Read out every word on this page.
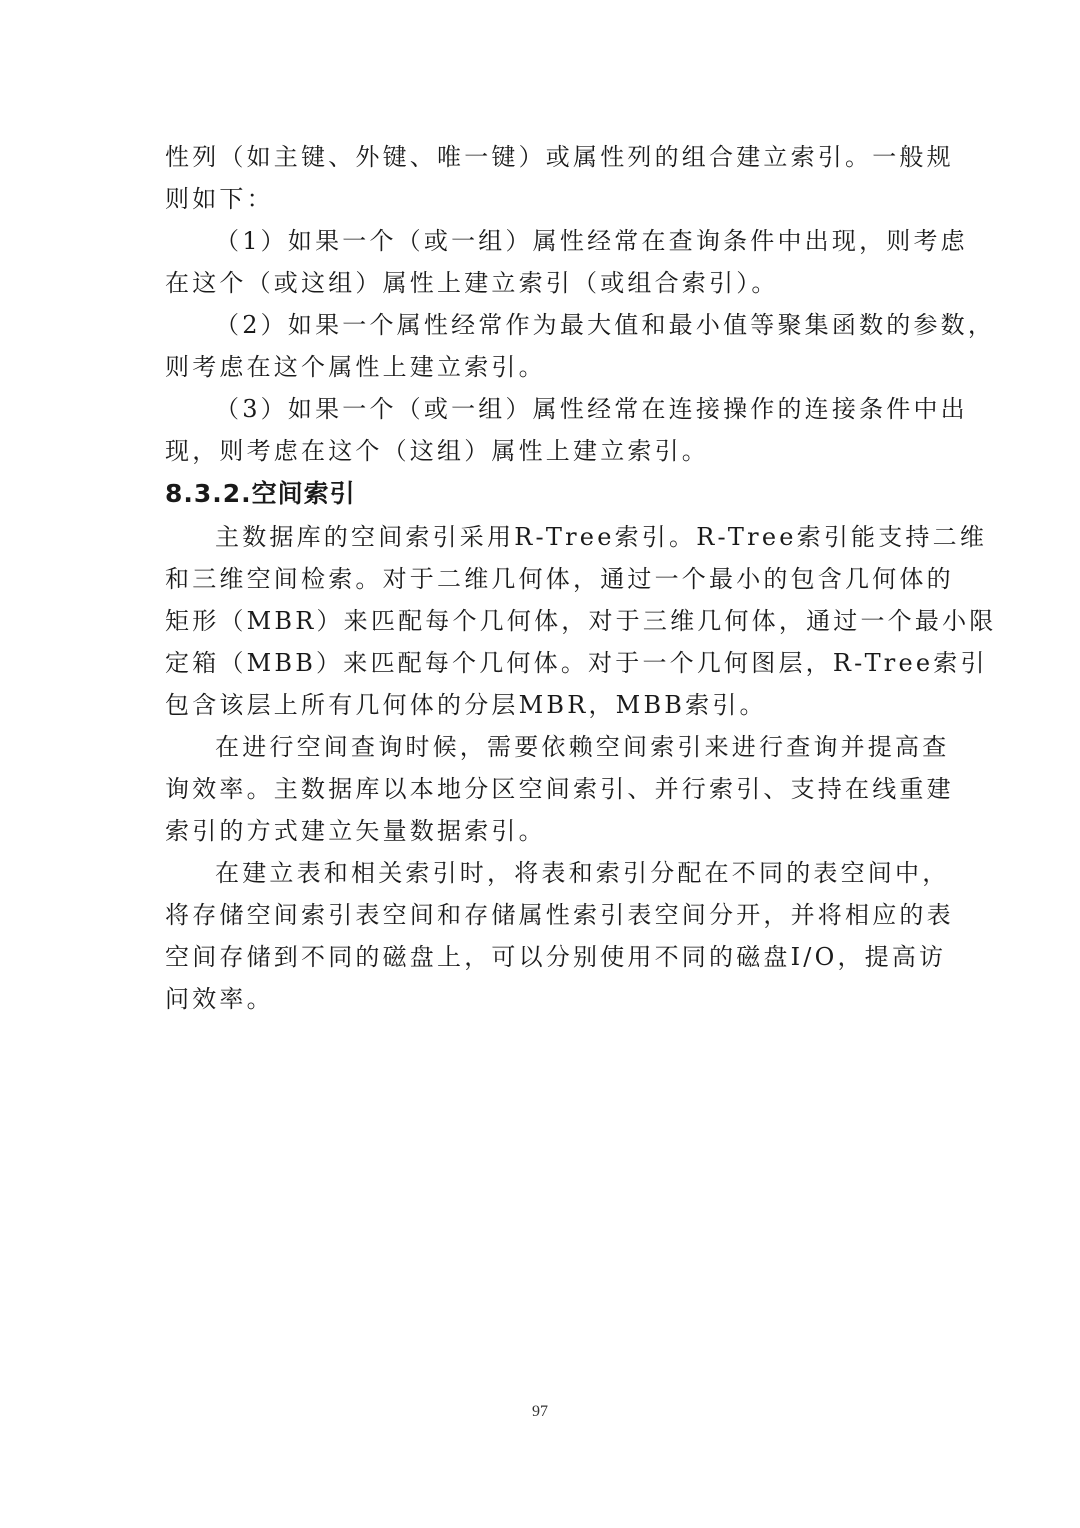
性列（如主键、外键、唯一键）或属性列的组合建立索引。一般规
则如下：
（1）如果一个（或一组）属性经常在查询条件中出现，则考虑
在这个（或这组）属性上建立索引（或组合索引）。
（2）如果一个属性经常作为最大值和最小值等聚集函数的参数，
则考虑在这个属性上建立索引。
（3）如果一个（或一组）属性经常在连接操作的连接条件中出
现，则考虑在这个（这组）属性上建立索引。
8.3.2.空间索引
主数据库的空间索引采用R-Tree索引。R-Tree索引能支持二维
和三维空间检索。对于二维几何体，通过一个最小的包含几何体的
矩形（MBR）来匹配每个几何体，对于三维几何体，通过一个最小限
定箱（MBB）来匹配每个几何体。对于一个几何图层，R-Tree索引
包含该层上所有几何体的分层MBR，MBB索引。
在进行空间查询时候，需要依赖空间索引来进行查询并提高查
询效率。主数据库以本地分区空间索引、并行索引、支持在线重建
索引的方式建立矢量数据索引。
在建立表和相关索引时，将表和索引分配在不同的表空间中，
将存储空间索引表空间和存储属性索引表空间分开，并将相应的表
空间存储到不同的磁盘上，可以分别使用不同的磁盘I/O，提高访
问效率。
97
